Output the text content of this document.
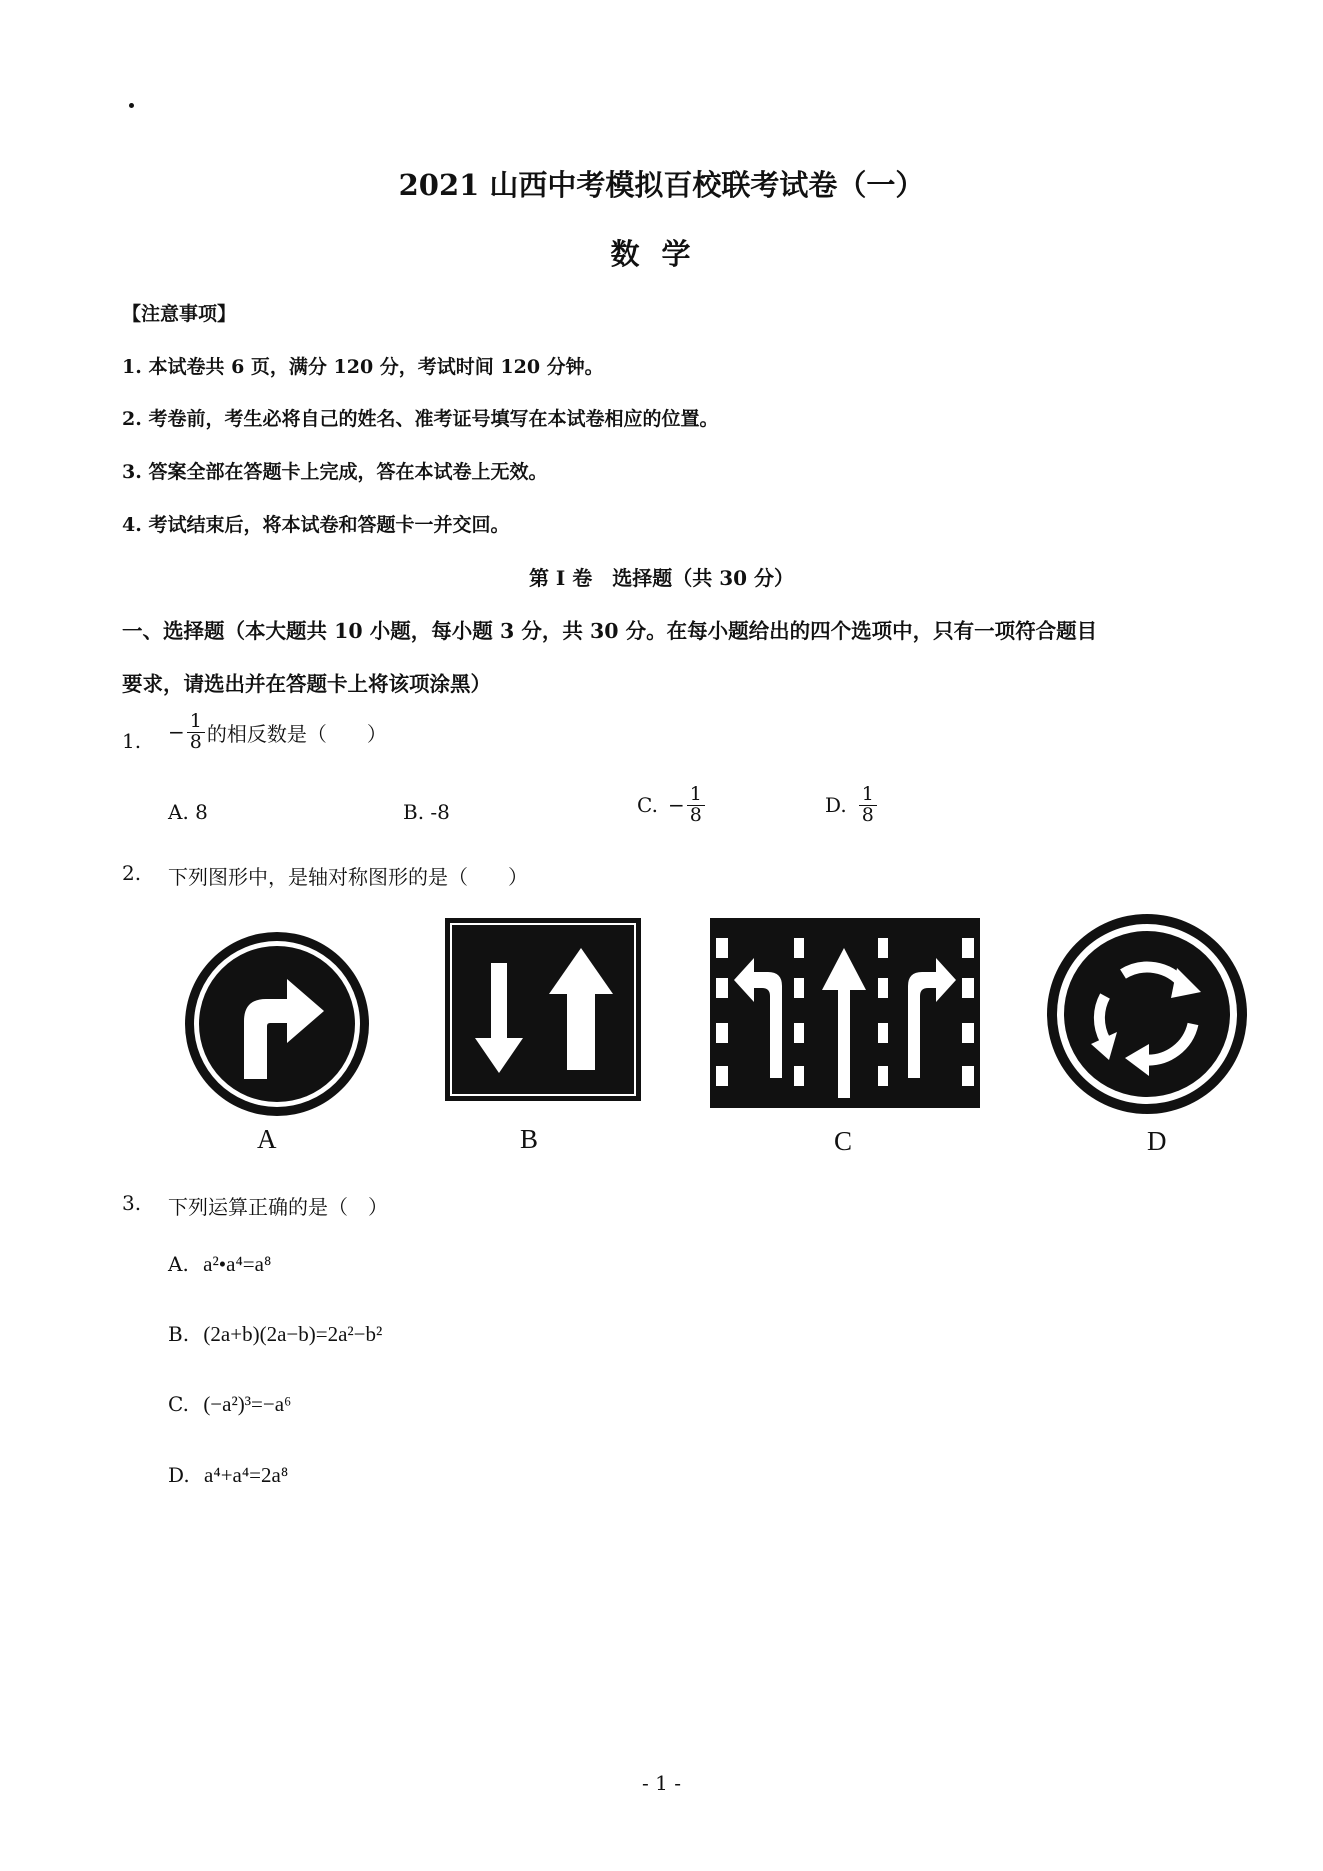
2021 山西中考模拟百校联考试卷（一）
数学
【注意事项】
1. 本试卷共 6 页，满分 120 分，考试时间 120 分钟。
2. 考卷前，考生必将自己的姓名、准考证号填写在本试卷相应的位置。
3. 答案全部在答题卡上完成，答在本试卷上无效。
4. 考试结束后，将本试卷和答题卡一并交回。
第 I 卷　选择题（共 30 分）
一、选择题（本大题共 10 小题，每小题 3 分，共 30 分。在每小题给出的四个选项中，只有一项符合题目
要求，请选出并在答题卡上将该项涂黑）
1. − $\frac{1}{8}$ 的相反数是（　　）
A. 8	B. -8	C. − $\frac{1}{8}$	D. $\frac{1}{8}$
2. 下列图形中，是轴对称图形的是（　　）
A	B	C	D
3. 下列运算正确的是（　）
A. a²•a⁴=a⁸
B. (2a+b)(2a−b)=2a²−b²
C. (−a²)³=−a⁶
D. a⁴+a⁴=2a⁸
- 1 -
